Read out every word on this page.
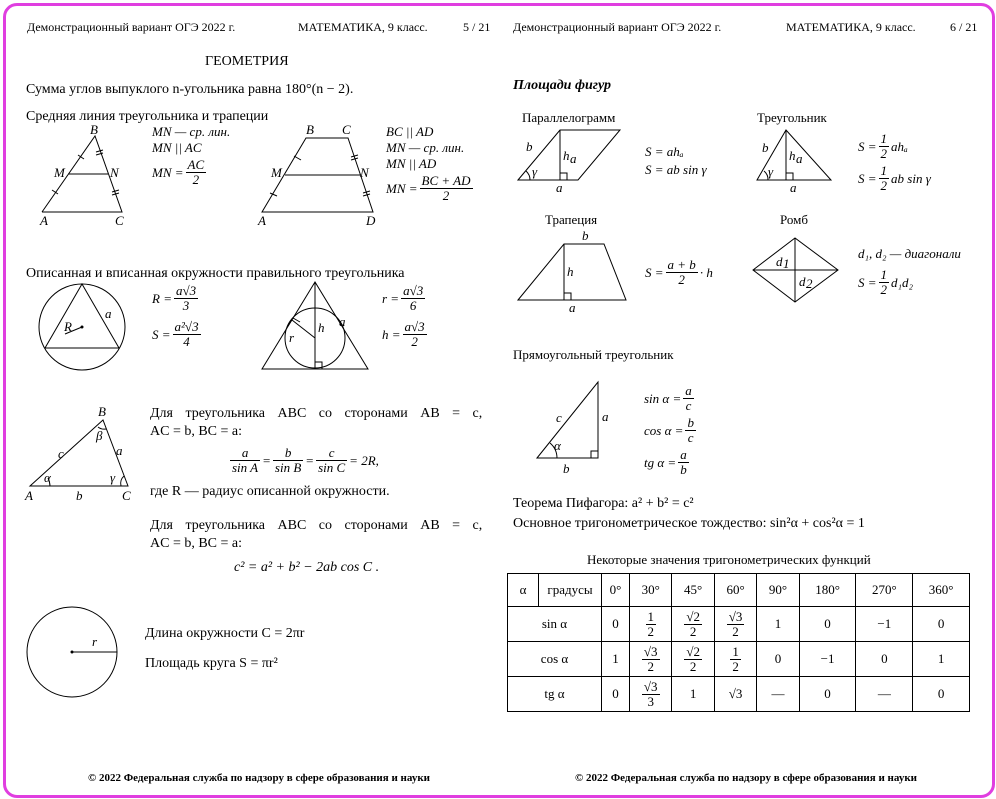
Демонстрационный вариант ОГЭ 2022 г.	МАТЕМАТИКА, 9 класс.	5 / 21 Демонстрационный вариант ОГЭ 2022 г.	МАТЕМАТИКА, 9 класс.	6 / 21
ГЕОМЕТРИЯ
Сумма углов выпуклого n-угольника равна 180°(n − 2).
Средняя линия треугольника и трапеции
B
M	N
A	C
MN — ср. лин.
MN || AC
MN = $\frac{AC}{2}$
B C
M	N
A	D
BC || AD
MN — ср. лин.
MN || AD
MN = $\frac{BC + AD}{2}$
Описанная и вписанная окружности правильного треугольника
R
a
$R = \frac{a√3}{3}$
$S = \frac{\text{a²√3}}{4}$	r
h a
$r = \frac{a√3}{6}$
$h = \frac{a√3}{2}$
B
c	a
β
α	γ
A	b	C
Для треугольника ABC со сторонами AB = c,
AC = b, BC = a:
$\frac{a}{\text{sin A}} = \frac{b}{\text{sin B}} = \frac{c}{\text{sin C}} = 2R$,
где R — радиус описанной окружности.
Для треугольника ABC со сторонами AB = c,
AC = b, BC = a:
c² = a² + b² − 2ab cos C .
r
Длина окружности C = 2πr
Площадь круга S = πr²
Площади фигур
Параллелограмм
b
h a
γ
a
S = ahₐ
S = ab sin γ
Треугольник
b
h a
γ
a
$S = \frac{1}{2}$ ahₐ
$S = \frac{1}{2}$ ab sin γ
Трапеция
b
h
a
$S = \frac{a + b}{2} \cdot h$
Ромб
d 1
d 2
d₁, d₂ — диагонали
$S = \frac{1}{2} d_1d_2$
Прямоугольный треугольник
c	a
b
α
$\sin \alpha = \frac{a}{c}$
$\cos \alpha = \frac{b}{c}$
tg $\alpha = \frac{a}{b}$
Теорема Пифагора: a² + b² = c²
Основное тригонометрическое тождество: sin²α + cos²α = 1
Некоторые значения тригонометрических функций
α	градусы	0°	30°	45°	60°	90°	180°	270°	360°
sin α		0	$\frac{1}{2}$	$\frac{√2}{2}$	$\frac{√3}{2}$	1	0	−1	0
cos α		1	$\frac{√3}{2}$	$\frac{√2}{2}$	$\frac{1}{2}$	0	−1	0	1
tg α		0	$\frac{√3}{3}$	1	√3	—	0	—	0
© 2022 Федеральная служба по надзору в сфере образования и науки	© 2022 Федеральная служба по надзору в сфере образования и науки
